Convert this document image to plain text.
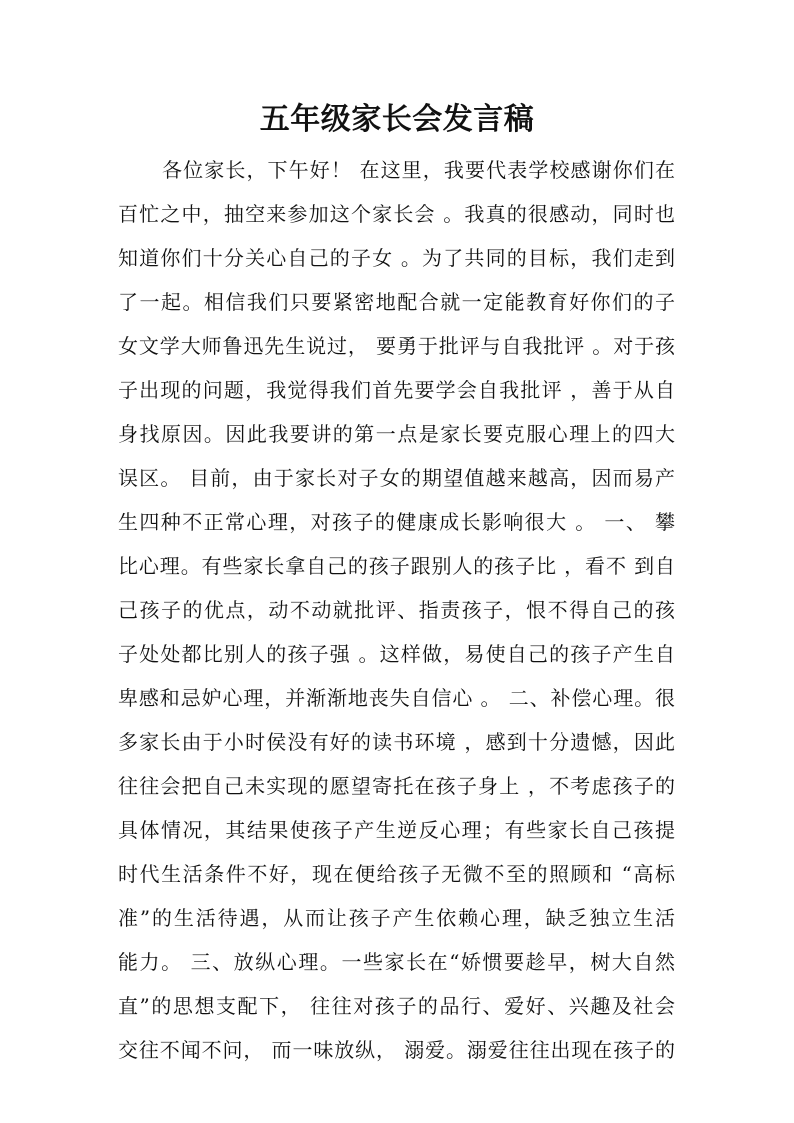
五年级家长会发言稿
各位家长，下午好！ 在这里，我要代表学校感谢你们在
百忙之中，抽空来参加这个家长会 。我真的很感动，同时也
知道你们十分关心自己的子女 。为了共同的目标，我们走到
了一起。相信我们只要紧密地配合就一定能教育好你们的子
女文学大师鲁迅先生说过， 要勇于批评与自我批评 。对于孩
子出现的问题，我觉得我们首先要学会自我批评 ，善于从自
身找原因。因此我要讲的第一点是家长要克服心理上的四大
误区。 目前，由于家长对子女的期望值越来越高，因而易产
生四种不正常心理，对孩子的健康成长影响很大 。 一、 攀
比心理。有些家长拿自己的孩子跟别人的孩子比 ，看不 到自
己孩子的优点，动不动就批评、指责孩子，恨不得自己的孩
子处处都比别人的孩子强 。这样做，易使自己的孩子产生自
卑感和忌妒心理，并渐渐地丧失自信心 。 二、补偿心理。很
多家长由于小时侯没有好的读书环境 ，感到十分遗憾，因此
往往会把自己未实现的愿望寄托在孩子身上 ，不考虑孩子的
具体情况，其结果使孩子产生逆反心理；有些家长自己孩提
时代生活条件不好，现在便给孩子无微不至的照顾和 “高标
准”的生活待遇，从而让孩子产生依赖心理，缺乏独立生活
能力。 三、放纵心理。一些家长在“娇惯要趁早，树大自然
直”的思想支配下， 往往对孩子的品行、爱好、兴趣及社会
交往不闻不问， 而一味放纵， 溺爱。溺爱往往出现在孩子的
